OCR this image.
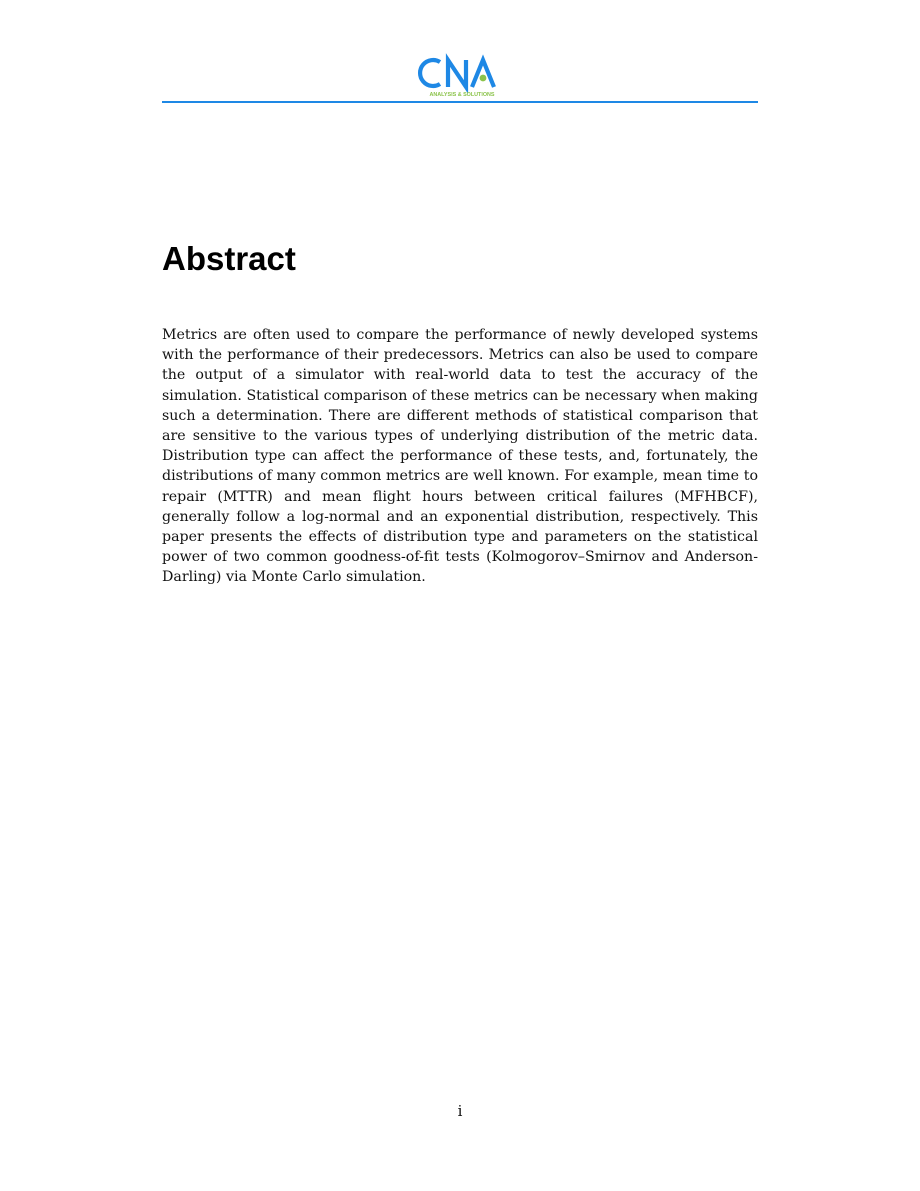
ANALYSIS & SOLUTIONS
Abstract

Metrics are often used to compare the performance of newly developed systems with the performance of their predecessors. Metrics can also be used to compare the output of a simulator with real-world data to test the accuracy of the simulation. Statistical comparison of these metrics can be necessary when making such a determination. There are different methods of statistical comparison that are sensitive to the various types of underlying distribution of the metric data. Distribution type can affect the performance of these tests, and, fortunately, the distributions of many common metrics are well known. For example, mean time to repair (MTTR) and mean flight hours between critical failures (MFHBCF), generally follow a log-normal and an exponential distribution, respectively. This paper presents the effects of distribution type and parameters on the statistical power of two common goodness-of-fit tests (Kolmogorov–Smirnov and Anderson-Darling) via Monte Carlo simulation.

i
